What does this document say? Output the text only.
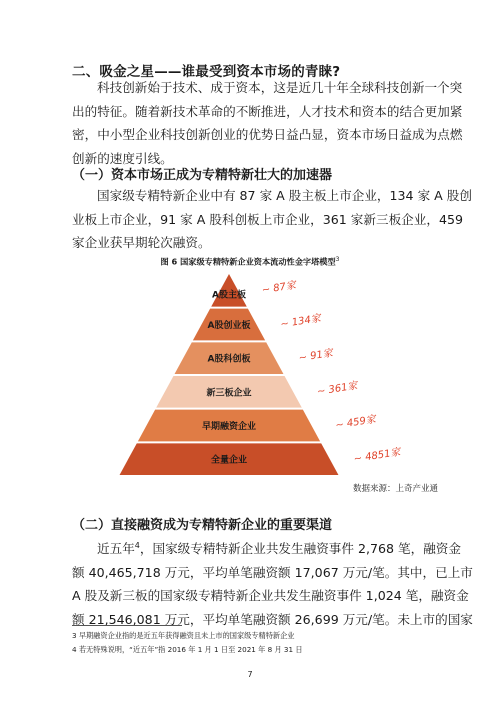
二、吸金之星——谁最受到资本市场的青睐?
科技创新始于技术、成于资本，这是近几十年全球科技创新一个突
出的特征。随着新技术革命的不断推进，人才技术和资本的结合更加紧
密，中小型企业科技创新创业的优势日益凸显，资本市场日益成为点燃
创新的速度引线。
（一）资本市场正成为专精特新壮大的加速器
国家级专精特新企业中有 87 家 A 股主板上市企业，134 家 A 股创
业板上市企业，91 家 A 股科创板上市企业，361 家新三板企业，459
家企业获早期轮次融资。
图 6 国家级专精特新企业资本流动性金字塔模型$^3$
A股主板 ~ 87家
A股创业板	~ 134家
A股科创板	~ 91家
新三板企业	~ 361家
早期融资企业	~ 459家
全量企业	~ 4851家
数据来源：上奇产业通
（二）直接融资成为专精特新企业的重要渠道
近五年$^4$，国家级专精特新企业共发生融资事件 2,768 笔，融资金
额 40,465,718 万元，平均单笔融资额 17,067 万元/笔。其中，已上市
A 股及新三板的国家级专精特新企业共发生融资事件 1,024 笔，融资金
额 21,546,081 万元，平均单笔融资额 26,699 万元/笔。未上市的国家
3 早期融资企业指的是近五年获得融资且未上市的国家级专精特新企业
4 若无特殊说明，“近五年”指 2016 年 1 月 1 日至 2021 年 8 月 31 日
7
